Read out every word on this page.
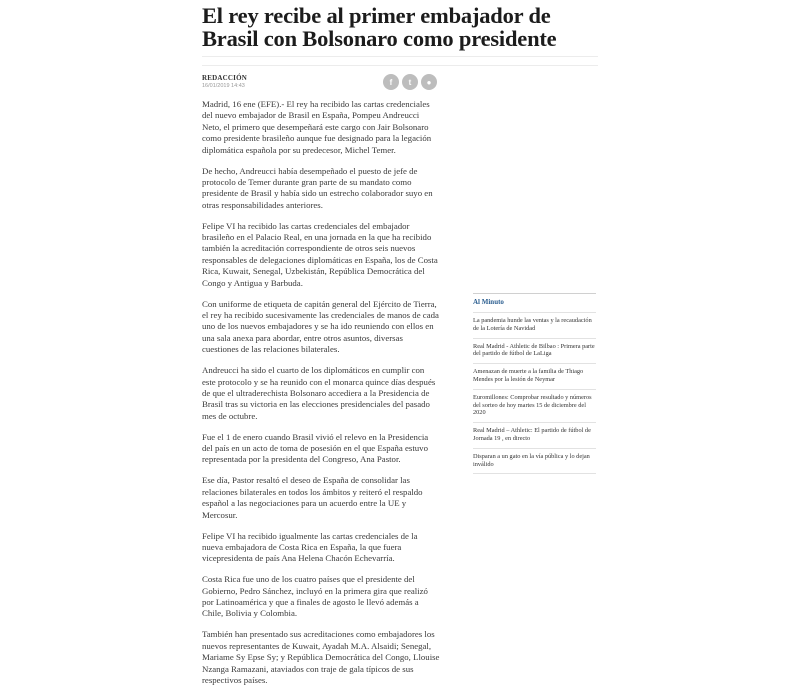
El rey recibe al primer embajador de Brasil con Bolsonaro como presidente
REDACCIÓN
16/01/2019 14:43	f t ●

Madrid, 16 ene (EFE).- El rey ha recibido las cartas credenciales del nuevo embajador de Brasil en España, Pompeu Andreucci Neto, el primero que desempeñará este cargo con Jair Bolsonaro como presidente brasileño aunque fue designado para la legación diplomática española por su predecesor, Michel Temer.

De hecho, Andreucci había desempeñado el puesto de jefe de protocolo de Temer durante gran parte de su mandato como presidente de Brasil y había sido un estrecho colaborador suyo en otras responsabilidades anteriores.

Felipe VI ha recibido las cartas credenciales del embajador brasileño en el Palacio Real, en una jornada en la que ha recibido también la acreditación correspondiente de otros seis nuevos responsables de delegaciones diplomáticas en España, los de Costa Rica, Kuwait, Senegal, Uzbekistán, República Democrática del Congo y Antigua y Barbuda.

Con uniforme de etiqueta de capitán general del Ejército de Tierra, el rey ha recibido sucesivamente las credenciales de manos de cada uno de los nuevos embajadores y se ha ido reuniendo con ellos en una sala anexa para abordar, entre otros asuntos, diversas cuestiones de las relaciones bilaterales.

Andreucci ha sido el cuarto de los diplomáticos en cumplir con este protocolo y se ha reunido con el monarca quince días después de que el ultraderechista Bolsonaro accediera a la Presidencia de Brasil tras su victoria en las elecciones presidenciales del pasado mes de octubre.

Fue el 1 de enero cuando Brasil vivió el relevo en la Presidencia del país en un acto de toma de posesión en el que España estuvo representada por la presidenta del Congreso, Ana Pastor.

Ese día, Pastor resaltó el deseo de España de consolidar las relaciones bilaterales en todos los ámbitos y reiteró el respaldo español a las negociaciones para un acuerdo entre la UE y Mercosur.

Felipe VI ha recibido igualmente las cartas credenciales de la nueva embajadora de Costa Rica en España, la que fuera vicepresidenta de país Ana Helena Chacón Echevarría.

Costa Rica fue uno de los cuatro países que el presidente del Gobierno, Pedro Sánchez, incluyó en la primera gira que realizó por Latinoamérica y que a finales de agosto le llevó además a Chile, Bolivia y Colombia.

También han presentado sus acreditaciones como embajadores los nuevos representantes de Kuwait, Ayadah M.A. Alsaidi; Senegal, Mariame Sy Epse Sy; y República Democrática del Congo, Llouise Nzanga Ramazani, ataviados con traje de gala típicos de sus respectivos países.

Al Minuto
La pandemia hunde las ventas y la recaudación de la Lotería de Navidad
Real Madrid - Athletic de Bilbao : Primera parte del partido de fútbol de LaLiga
Amenazan de muerte a la familia de Thiago Mendes por la lesión de Neymar
Euromillones: Comprobar resultado y números del sorteo de hoy martes 15 de diciembre del 2020
Real Madrid – Athletic: El partido de fútbol de Jornada 19 , en directo
Disparan a un gato en la vía pública y lo dejan inválido
